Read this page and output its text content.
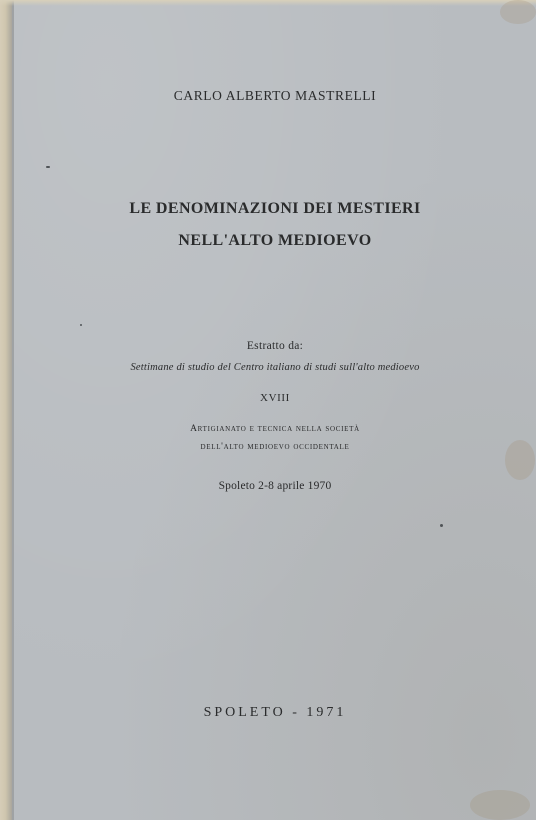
CARLO ALBERTO MASTRELLI
LE DENOMINAZIONI DEI MESTIERI
NELL'ALTO MEDIOEVO
Estratto da:
Settimane di studio del Centro italiano di studi sull'alto medioevo
XVIII
Artigianato e tecnica nella società
dell'alto medioevo occidentale
Spoleto 2-8 aprile 1970
SPOLETO - 1971
